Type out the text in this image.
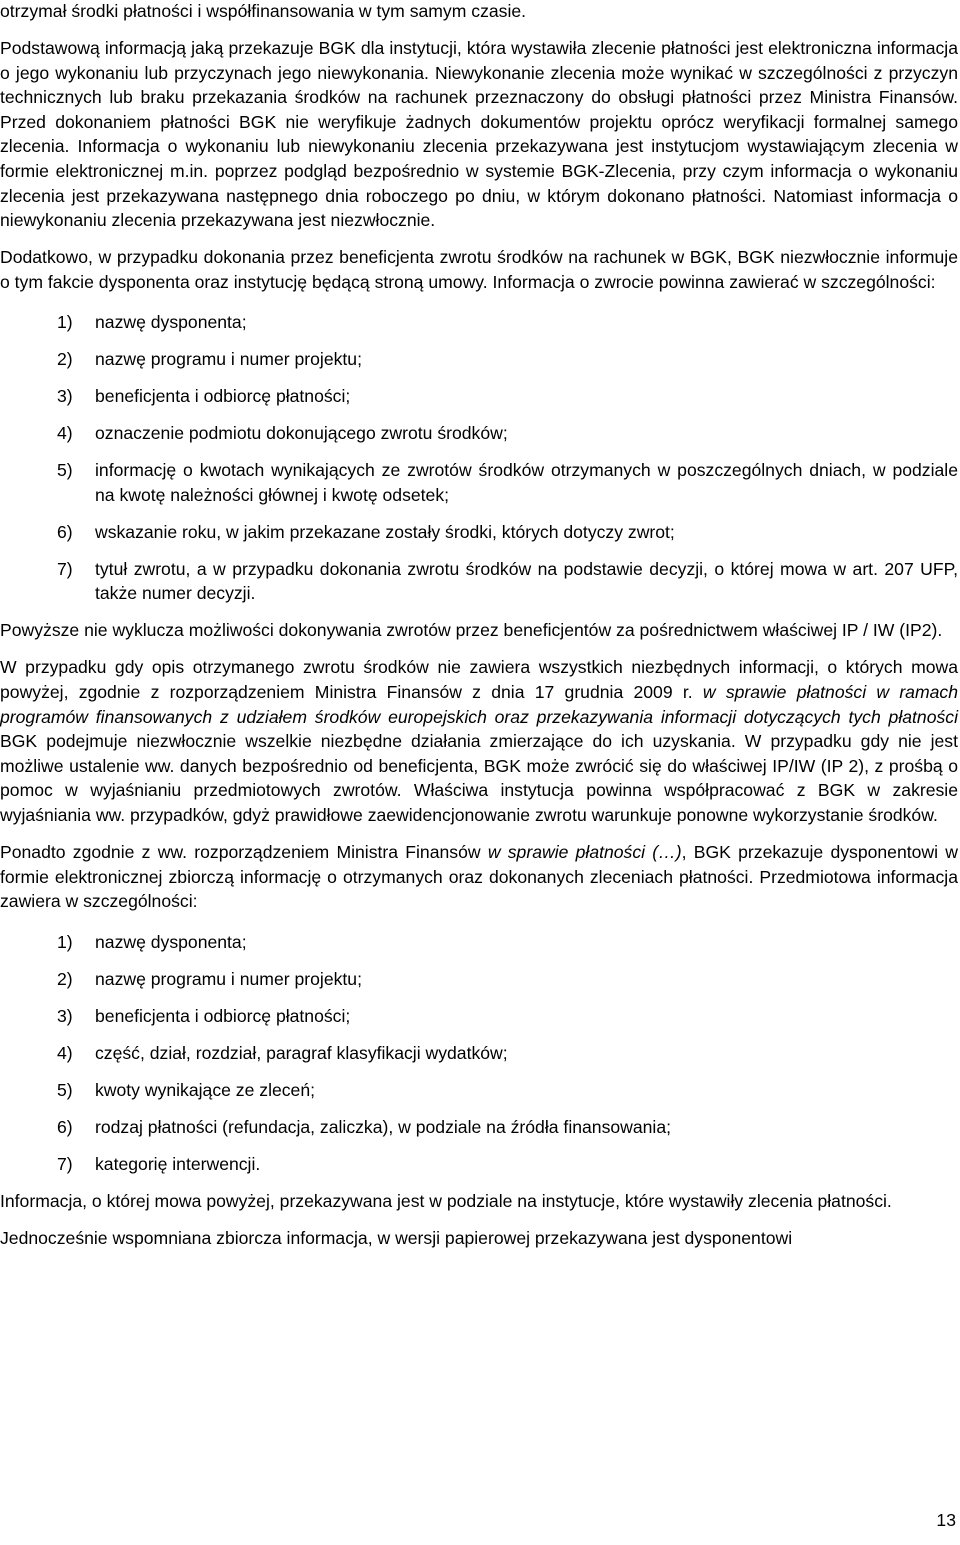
otrzymał środki płatności i współfinansowania w tym samym czasie.

Podstawową informacją jaką przekazuje BGK dla instytucji, która wystawiła zlecenie płatności jest elektroniczna informacja o jego wykonaniu lub przyczynach jego niewykonania. Niewykonanie zlecenia może wynikać w szczególności z przyczyn technicznych lub braku przekazania środków na rachunek przeznaczony do obsługi płatności przez Ministra Finansów. Przed dokonaniem płatności BGK nie weryfikuje żadnych dokumentów projektu oprócz weryfikacji formalnej samego zlecenia. Informacja o wykonaniu lub niewykonaniu zlecenia przekazywana jest instytucjom wystawiającym zlecenia w formie elektronicznej m.in. poprzez podgląd bezpośrednio w systemie BGK-Zlecenia, przy czym informacja o wykonaniu zlecenia jest przekazywana następnego dnia roboczego po dniu, w którym dokonano płatności. Natomiast informacja o niewykonaniu zlecenia przekazywana jest niezwłocznie.

Dodatkowo, w przypadku dokonania przez beneficjenta zwrotu środków na rachunek w BGK, BGK niezwłocznie informuje o tym fakcie dysponenta oraz instytucję będącą stroną umowy. Informacja o zwrocie powinna zawierać w szczególności:

1)	nazwę dysponenta;
2)	nazwę programu i numer projektu;
3)	beneficjenta i odbiorcę płatności;
4)	oznaczenie podmiotu dokonującego zwrotu środków;
5)	informację o kwotach wynikających ze zwrotów środków otrzymanych w poszczególnych dniach, w podziale na kwotę należności głównej i kwotę odsetek;
6)	wskazanie roku, w jakim przekazane zostały środki, których dotyczy zwrot;
7)	tytuł zwrotu, a w przypadku dokonania zwrotu środków na podstawie decyzji, o której mowa w art. 207 UFP, także numer decyzji.

Powyższe nie wyklucza możliwości dokonywania zwrotów przez beneficjentów za pośrednictwem właściwej IP / IW (IP2).

W przypadku gdy opis otrzymanego zwrotu środków nie zawiera wszystkich niezbędnych informacji, o których mowa powyżej, zgodnie z rozporządzeniem Ministra Finansów z dnia 17 grudnia 2009 r. w sprawie płatności w ramach programów finansowanych z udziałem środków europejskich oraz przekazywania informacji dotyczących tych płatności BGK podejmuje niezwłocznie wszelkie niezbędne działania zmierzające do ich uzyskania. W przypadku gdy nie jest możliwe ustalenie ww. danych bezpośrednio od beneficjenta, BGK może zwrócić się do właściwej IP/IW (IP 2), z prośbą o pomoc w wyjaśnianiu przedmiotowych zwrotów. Właściwa instytucja powinna współpracować z BGK w zakresie wyjaśniania ww. przypadków, gdyż prawidłowe zaewidencjonowanie zwrotu warunkuje ponowne wykorzystanie środków.

Ponadto zgodnie z ww. rozporządzeniem Ministra Finansów w sprawie płatności (…), BGK przekazuje dysponentowi w formie elektronicznej zbiorczą informację o otrzymanych oraz dokonanych zleceniach płatności. Przedmiotowa informacja zawiera w szczególności:

1)	nazwę dysponenta;
2)	nazwę programu i numer projektu;
3)	beneficjenta i odbiorcę płatności;
4)	część, dział, rozdział, paragraf klasyfikacji wydatków;
5)	kwoty wynikające ze zleceń;
6)	rodzaj płatności (refundacja, zaliczka), w podziale na źródła finansowania;
7)	kategorię interwencji.

Informacja, o której mowa powyżej, przekazywana jest w podziale na instytucje, które wystawiły zlecenia płatności.

Jednocześnie wspomniana zbiorcza informacja, w wersji papierowej przekazywana jest dysponentowi

13
